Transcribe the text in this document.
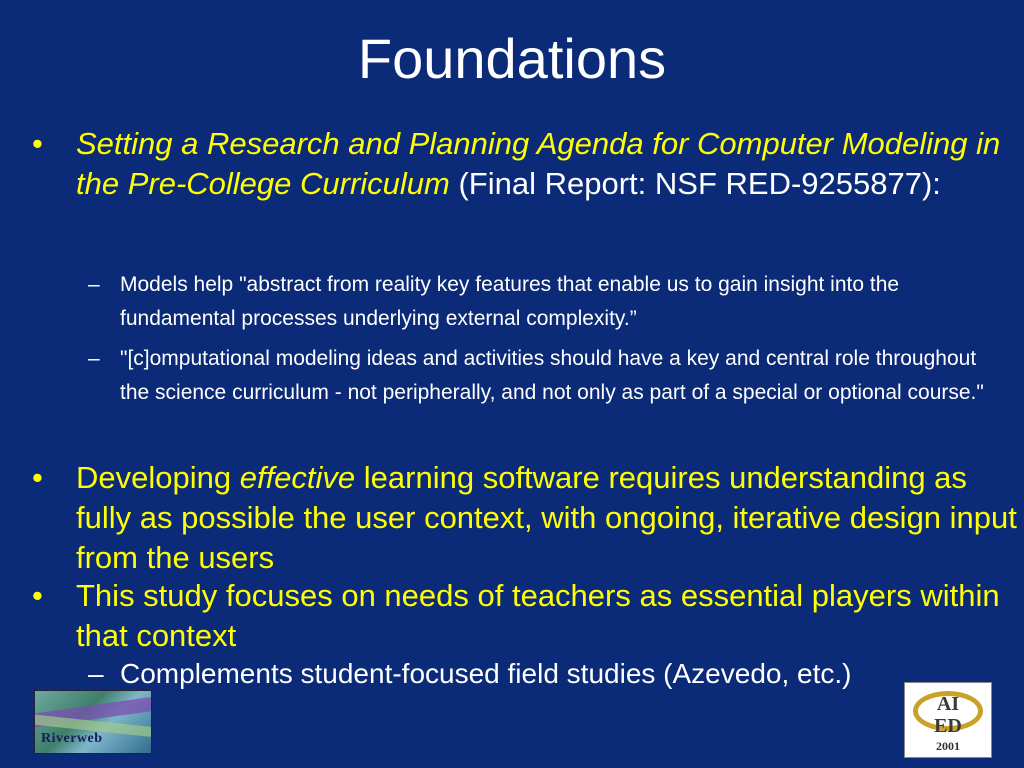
Foundations
• Setting a Research and Planning Agenda for Computer Modeling in the Pre-College Curriculum (Final Report: NSF RED-9255877):
– Models help "abstract from reality key features that enable us to gain insight into the fundamental processes underlying external complexity.”
– "[c]omputational modeling ideas and activities should have a key and central role throughout the science curriculum - not peripherally, and not only as part of a special or optional course."
• Developing effective learning software requires understanding as fully as possible the user context, with ongoing, iterative design input from the users
• This study focuses on needs of teachers as essential players within that context
– Complements student-focused field studies (Azevedo, etc.)
Riverweb
AI
ED
2001
